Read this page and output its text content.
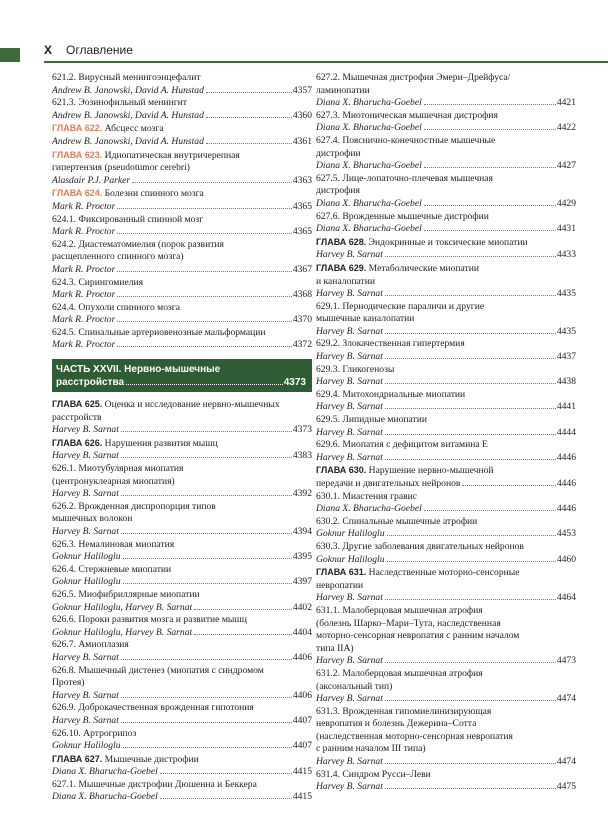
X Оглавление
621.2. Вирусный менингоэнцефалит
Andrew B. Janowski, David A. Hunstad	4357
621.3. Эозинофильный менингит
Andrew B. Janowski, David A. Hunstad	4360
ГЛАВА 622. Абсцесс мозга
Andrew B. Janowski, David A. Hunstad	4361
ГЛАВА 623. Идиопатическая внутричерепная
гипертензия (pseudotumor cerebri)
Alasdair P.J. Parker	4363
ГЛАВА 624. Болезни спинного мозга
Mark R. Proctor	4365
624.1. Фиксированный спинной мозг
Mark R. Proctor	4365
624.2. Диастематомиелия (порок развития
расщепленного спинного мозга)
Mark R. Proctor	4367
624.3. Сирингомиелия
Mark R. Proctor	4368
624.4. Опухоли спинного мозга
Mark R. Proctor	4370
624.5. Спинальные артериовенозные мальформации
Mark R. Proctor	4372
ЧАСТЬ XXVII. Нервно-мышечные
расстройства	4373
ГЛАВА 625. Оценка и исследование нервно-мышечных
расстройств
Harvey B. Sarnat	4373
ГЛАВА 626. Нарушения развития мышц
Harvey B. Sarnat	4383
626.1. Миотубулярная миопатия
(центронуклеарная миопатия)
Harvey B. Sarnat	4392
626.2. Врожденная диспропорция типов
мышечных волокон
Harvey B. Sarnat	4394
626.3. Немалиновая миопатия
Goknur Haliloglu	4395
626.4. Стержневые миопатии
Goknur Haliloglu	4397
626.5. Миофибриллярные миопатии
Goknur Haliloglu, Harvey B. Sarnat	4402
626.6. Пороки развития мозга и развитие мышц
Goknur Haliloglu, Harvey B. Sarnat	4404
626.7. Амиоплазия
Harvey B. Sarnat	4406
626.8. Мышечный дистенез (миопатия с синдромом
Протея)
Harvey B. Sarnat	4406
626.9. Доброкачественная врожденная гипотония
Harvey B. Sarnat	4407
626.10. Артрогрипоз
Goknur Haliloglu	4407
ГЛАВА 627. Мышечные дистрофии
Diana X. Bharucha-Goebel	4415
627.1. Мышечные дистрофии Дюшенна и Беккера
Diana X. Bharucha-Goebel	4415
627.2. Мышечная дистрофия Эмери–Дрейфуса/
ламинопатии
Diana X. Bharucha-Goebel	4421
627.3. Миотоническая мышечная дистрофия
Diana X. Bharucha-Goebel	4422
627.4. Пояснично-конечностные мышечные
дистрофии
Diana X. Bharucha-Goebel	4427
627.5. Лице-лопаточно-плечевая мышечная
дистрофия
Diana X. Bharucha-Goebel	4429
627.6. Врожденные мышечные дистрофии
Diana X. Bharucha-Goebel	4431
ГЛАВА 628. Эндокринные и токсические миопатии
Harvey B. Sarnat	4433
ГЛАВА 629. Метаболические миопатии
и каналопатии
Harvey B. Sarnat	4435
629.1. Периодические параличи и другие
мышечные каналопатии
Harvey B. Sarnat	4435
629.2. Злокачественная гипертермия
Harvey B. Sarnat	4437
629.3. Гликогенозы
Harvey B. Sarnat	4438
629.4. Митохондриальные миопатии
Harvey B. Sarnat	4441
629.5. Липидные миопатии
Harvey B. Sarnat	4444
629.6. Миопатия с дефицитом витамина Е
Harvey B. Sarnat	4446
ГЛАВА 630. Нарушение нервно-мышечной
передачи и двигательных нейронов	4446
630.1. Миастения гравис
Diana X. Bharucha-Goebel	4446
630.2. Спинальные мышечные атрофии
Goknur Haliloglu	4453
630.3. Другие заболевания двигательных нейронов
Goknur Haliloglu	4460
ГЛАВА 631. Наследственные моторно-сенсорные
невропатии
Harvey B. Sarnat	4464
631.1. Малоберцовая мышечная атрофия
(болезнь Шарко–Мари–Тута, наследственная
моторно-сенсорная невропатия с ранним началом
типа IIA)
Harvey B. Sarnat	4473
631.2. Малоберцовая мышечная атрофия
(аксональный тип)
Harvey B. Sarnat	4474
631.3. Врожденная гипомиелинизирующая
невропатия и болезнь Дежерина–Сотта
(наследственная моторно-сенсорная невропатия
с ранним началом III типа)
Harvey B. Sarnat	4474
631.4. Синдром Русси–Леви
Harvey B. Sarnat	4475
